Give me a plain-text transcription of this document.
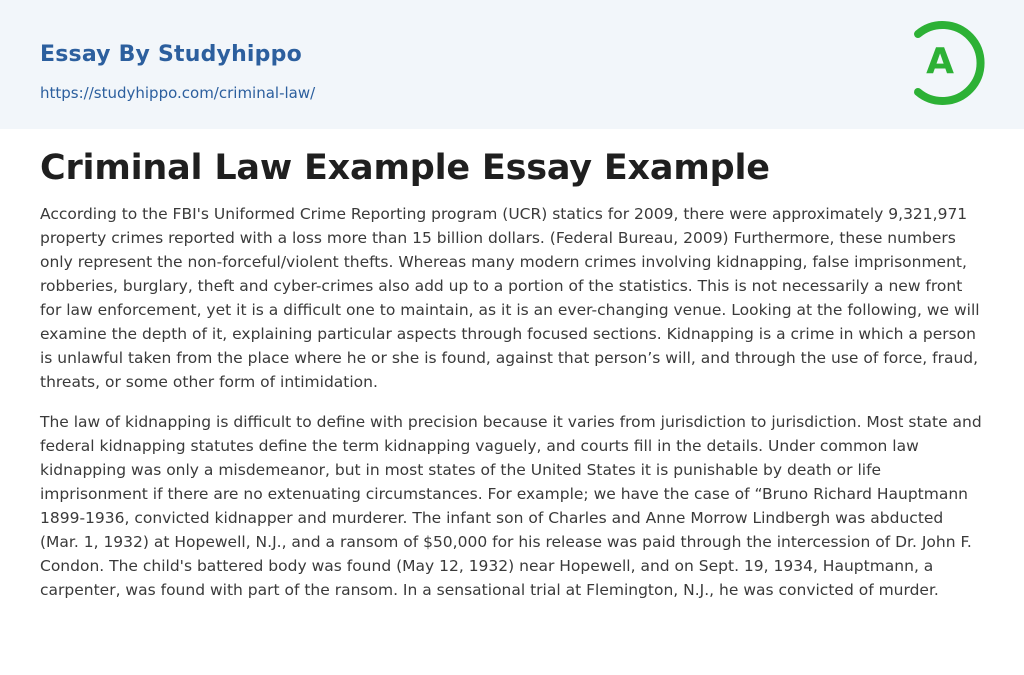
Essay By Studyhippo
https://studyhippo.com/criminal-law/
A
Criminal Law Example Essay Example

According to the FBI's Uniformed Crime Reporting program (UCR) statics for 2009, there were approximately 9,321,971 property crimes reported with a loss more than 15 billion dollars. (Federal Bureau, 2009) Furthermore, these numbers only represent the non-forceful/violent thefts. Whereas many modern crimes involving kidnapping, false imprisonment, robberies, burglary, theft and cyber-crimes also add up to a portion of the statistics. This is not necessarily a new front for law enforcement, yet it is a difficult one to maintain, as it is an ever-changing venue. Looking at the following, we will examine the depth of it, explaining particular aspects through focused sections. Kidnapping is a crime in which a person is unlawful taken from the place where he or she is found, against that person’s will, and through the use of force, fraud, threats, or some other form of intimidation.

The law of kidnapping is difficult to define with precision because it varies from jurisdiction to jurisdiction. Most state and federal kidnapping statutes define the term kidnapping vaguely, and courts fill in the details. Under common law kidnapping was only a misdemeanor, but in most states of the United States it is punishable by death or life imprisonment if there are no extenuating circumstances. For example; we have the case of “Bruno Richard Hauptmann 1899-1936, convicted kidnapper and murderer. The infant son of Charles and Anne Morrow Lindbergh was abducted (Mar. 1, 1932) at Hopewell, N.J., and a ransom of $50,000 for his release was paid through the intercession of Dr. John F. Condon. The child's battered body was found (May 12, 1932) near Hopewell, and on Sept. 19, 1934, Hauptmann, a carpenter, was found with part of the ransom. In a sensational trial at Flemington, N.J., he was convicted of murder.
